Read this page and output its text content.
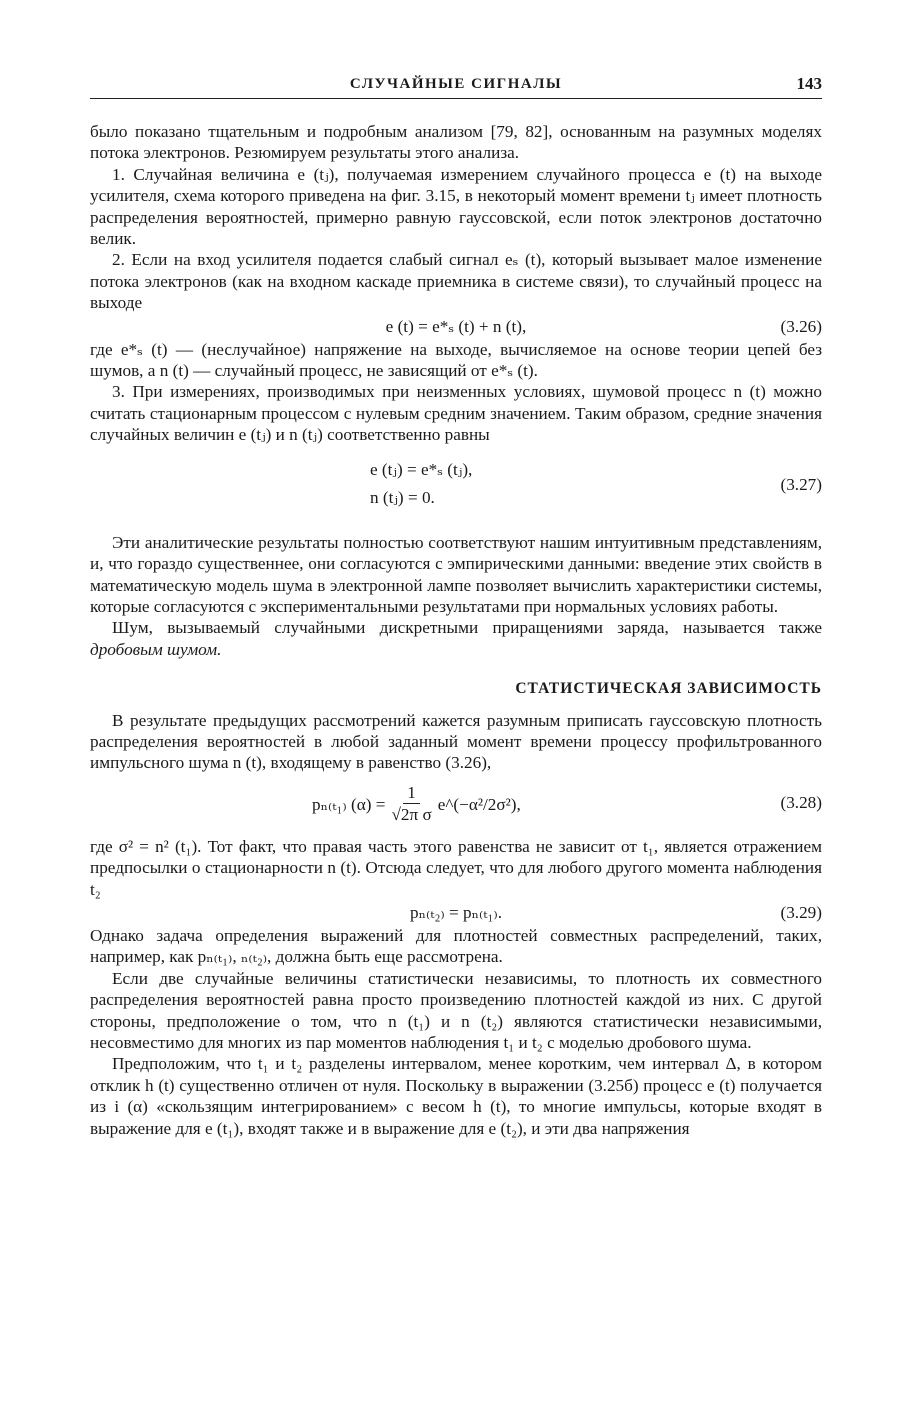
СЛУЧАЙНЫЕ СИГНАЛЫ	143

было показано тщательным и подробным анализом [79, 82], основанным на разумных моделях потока электронов. Резюмируем результаты этого анализа.

1. Случайная величина e (tⱼ), получаемая измерением случайного процесса e (t) на выходе усилителя, схема которого приведена на фиг. 3.15, в некоторый момент времени tⱼ имеет плотность распределения вероятностей, примерно равную гауссовской, если поток электронов достаточно велик.

2. Если на вход усилителя подается слабый сигнал eₛ (t), который вызывает малое изменение потока электронов (как на входном каскаде приемника в системе связи), то случайный процесс на выходе

e (t) = e*ₛ (t) + n (t),	(3.26)

где e*ₛ (t) — (неслучайное) напряжение на выходе, вычисляемое на основе теории цепей без шумов, а n (t) — случайный процесс, не зависящий от e*ₛ (t).

3. При измерениях, производимых при неизменных условиях, шумовой процесс n (t) можно считать стационарным процессом с нулевым средним значением. Таким образом, средние значения случайных величин e (tⱼ) и n (tⱼ) соответственно равны

e (tⱼ) = e*ₛ (tⱼ),
n (tⱼ) = 0.
(3.27)

Эти аналитические результаты полностью соответствуют нашим интуитивным представлениям, и, что гораздо существеннее, они согласуются с эмпирическими данными: введение этих свойств в математическую модель шума в электронной лампе позволяет вычислить характеристики системы, которые согласуются с экспериментальными результатами при нормальных условиях работы.

Шум, вызываемый случайными дискретными приращениями заряда, называется также дробовым шумом.

СТАТИСТИЧЕСКАЯ ЗАВИСИМОСТЬ

В результате предыдущих рассмотрений кажется разумным приписать гауссовскую плотность распределения вероятностей в любой заданный момент времени процессу профильтрованного импульсного шума n (t), входящему в равенство (3.26),

pₙ₍ₜ₁₎ $(\alpha) = \frac{1}{\text{√2π σ}}$ e^(−α²/2σ²),	(3.28)

где σ² = n² (t₁). Тот факт, что правая часть этого равенства не зависит от t₁, является отражением предпосылки о стационарности n (t). Отсюда следует, что для любого другого момента наблюдения t₂

pₙ₍ₜ₂₎ = pₙ₍ₜ₁₎.	(3.29)

Однако задача определения выражений для плотностей совместных распределений, таких, например, как pₙ₍ₜ₁₎, ₙ₍ₜ₂₎, должна быть еще рассмотрена.

Если две случайные величины статистически независимы, то плотность их совместного распределения вероятностей равна просто произведению плотностей каждой из них. С другой стороны, предположение о том, что n (t₁) и n (t₂) являются статистически независимыми, несовместимо для многих из пар моментов наблюдения t₁ и t₂ с моделью дробового шума.

Предположим, что t₁ и t₂ разделены интервалом, менее коротким, чем интервал Δ, в котором отклик h (t) существенно отличен от нуля. Поскольку в выражении (3.25б) процесс e (t) получается из i (α) «скользящим интегрированием» с весом h (t), то многие импульсы, которые входят в выражение для e (t₁), входят также и в выражение для e (t₂), и эти два напряжения
